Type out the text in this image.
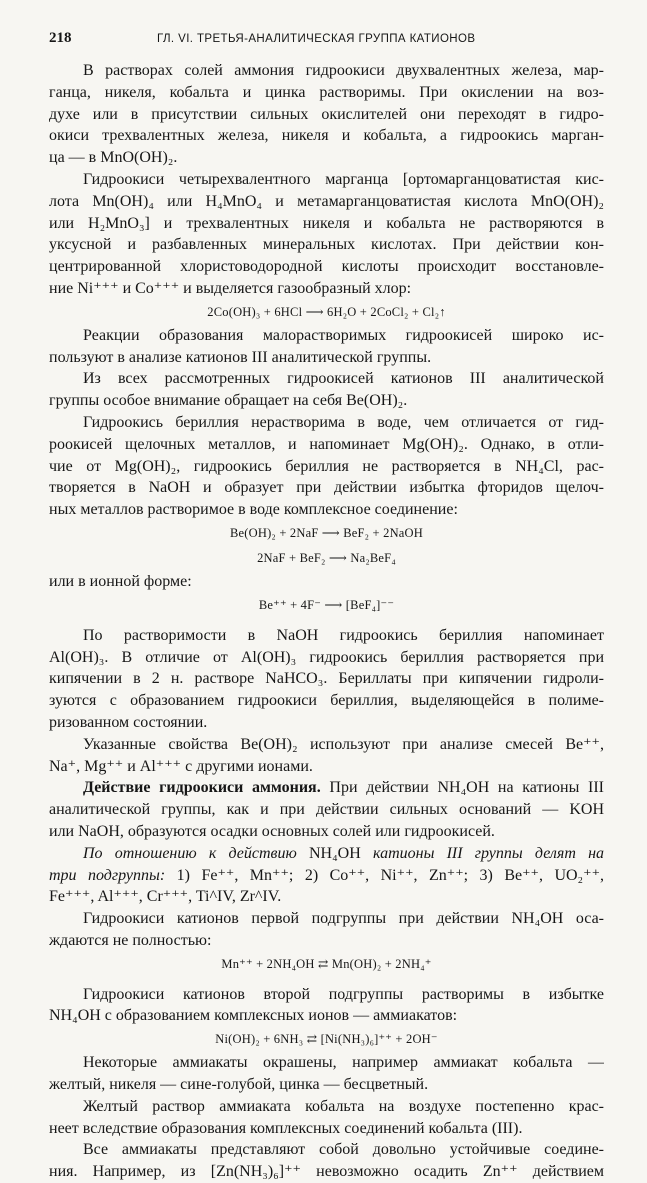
218	ГЛ. VI. ТРЕТЬЯ-АНАЛИТИЧЕСКАЯ ГРУППА КАТИОНОВ
В растворах солей аммония гидроокиси двухвалентных железа, мар-
ганца, никеля, кобальта и цинка растворимы. При окислении на воз-
духе или в присутствии сильных окислителей они переходят в гидро-
окиси трехвалентных железа, никеля и кобальта, а гидроокись марган-
ца — в MnO(OH)₂.
Гидроокиси четырехвалентного марганца [ортомарганцоватистая кис-
лота Mn(OH)₄ или H₄MnO₄ и метамарганцоватистая кислота MnO(OH)₂
или H₂MnO₃] и трехвалентных никеля и кобальта не растворяются в
уксусной и разбавленных минеральных кислотах. При действии кон-
центрированной хлористоводородной кислоты происходит восстановле-
ние Ni⁺⁺⁺ и Co⁺⁺⁺ и выделяется газообразный хлор:
2Co(OH)₃ + 6HCl ⟶ 6H₂O + 2CoCl₂ + Cl₂↑
Реакции образования малорастворимых гидроокисей широко ис-
пользуют в анализе катионов III аналитической группы.
Из всех рассмотренных гидроокисей катионов III аналитической
группы особое внимание обращает на себя Be(OH)₂.
Гидроокись бериллия нерастворима в воде, чем отличается от гид-
роокисей щелочных металлов, и напоминает Mg(OH)₂. Однако, в отли-
чие от Mg(OH)₂, гидроокись бериллия не растворяется в NH₄Cl, рас-
творяется в NaOH и образует при действии избытка фторидов щелоч-
ных металлов растворимое в воде комплексное соединение:
Be(OH)₂ + 2NaF ⟶ BeF₂ + 2NaOH
2NaF + BeF₂ ⟶ Na₂BeF₄
или в ионной форме:
Be⁺⁺ + 4F⁻ ⟶ [BeF₄]⁻⁻
По растворимости в NaOH гидроокись бериллия напоминает
Al(OH)₃. В отличие от Al(OH)₃ гидроокись бериллия растворяется при
кипячении в 2 н. растворе NaHCO₃. Бериллаты при кипячении гидроли-
зуются с образованием гидроокиси бериллия, выделяющейся в полиме-
ризованном состоянии.
Указанные свойства Be(OH)₂ используют при анализе смесей Be⁺⁺,
Na⁺, Mg⁺⁺ и Al⁺⁺⁺ с другими ионами.
Действие гидроокиси аммония. При действии NH₄OH на катионы III
аналитической группы, как и при действии сильных оснований — KOH
или NaOH, образуются осадки основных солей или гидроокисей.
По отношению к действию NH₄OH катионы III группы делят на
три подгруппы: 1) Fe⁺⁺, Mn⁺⁺; 2) Co⁺⁺, Ni⁺⁺, Zn⁺⁺; 3) Be⁺⁺, UO₂⁺⁺,
Fe⁺⁺⁺, Al⁺⁺⁺, Cr⁺⁺⁺, Ti^IV, Zr^IV.
Гидроокиси катионов первой подгруппы при действии NH₄OH оса-
ждаются не полностью:
Mn⁺⁺ + 2NH₄OH ⇄ Mn(OH)₂ + 2NH₄⁺
Гидроокиси катионов второй подгруппы растворимы в избытке
NH₄OH с образованием комплексных ионов — аммиакатов:
Ni(OH)₂ + 6NH₃ ⇄ [Ni(NH₃)₆]⁺⁺ + 2OH⁻
Некоторые аммиакаты окрашены, например аммиакат кобальта —
желтый, никеля — сине-голубой, цинка — бесцветный.
Желтый раствор аммиаката кобальта на воздухе постепенно крас-
неет вследствие образования комплексных соединений кобальта (III).
Все аммиакаты представляют собой довольно устойчивые соедине-
ния. Например, из [Zn(NH₃)₆]⁺⁺ невозможно осадить Zn⁺⁺ действием
